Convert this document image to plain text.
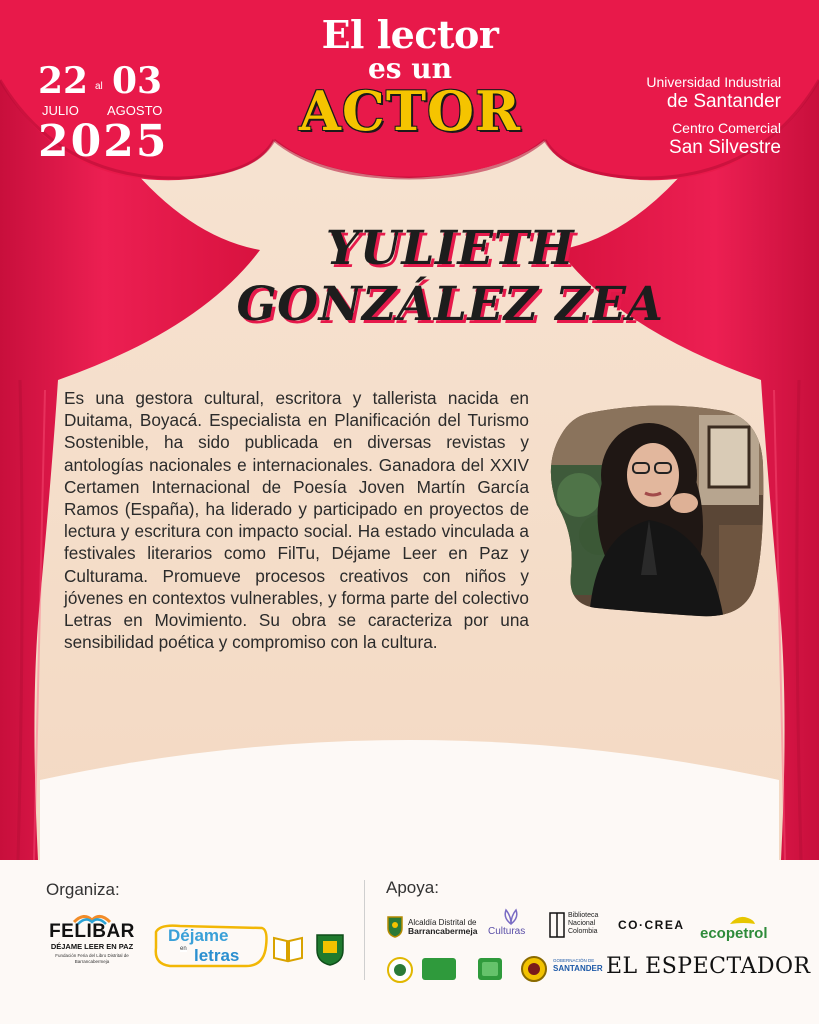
El lector
es un
ACTOR
22 al 03
JULIO AGOSTO
2025
Universidad Industrial
de Santander
Centro Comercial
San Silvestre
YULIETH
GONZÁLEZ ZEA
Es una gestora cultural, escritora y tallerista nacida en Duitama, Boyacá. Especialista en Planificación del Turismo Sostenible, ha sido publicada en diversas revistas y antologías nacionales e internacionales. Ganadora del XXIV Certamen Internacional de Poesía Joven Martín García Ramos (España), ha liderado y participado en proyectos de lectura y escritura con impacto social. Ha estado vinculada a festivales literarios como FilTu, Déjame Leer en Paz y Culturama. Promueve procesos creativos con niños y jóvenes en contextos vulnerables, y forma parte del colectivo Letras en Movimiento. Su obra se caracteriza por una sensibilidad poética y compromiso con la cultura.
Organiza:	Apoya:
FELIBAR
DÉJAME LEER EN PAZ
Fundación Feria del Libro Distrital de Barrancabermeja
Déjame
en letras
Alcaldía Distrital de
Barrancabermeja Culturas
Biblioteca
Nacional
Colombia CO·CREA ecopetrol
GOBERNACIÓN DE
SANTANDER EL ESPECTADOR
